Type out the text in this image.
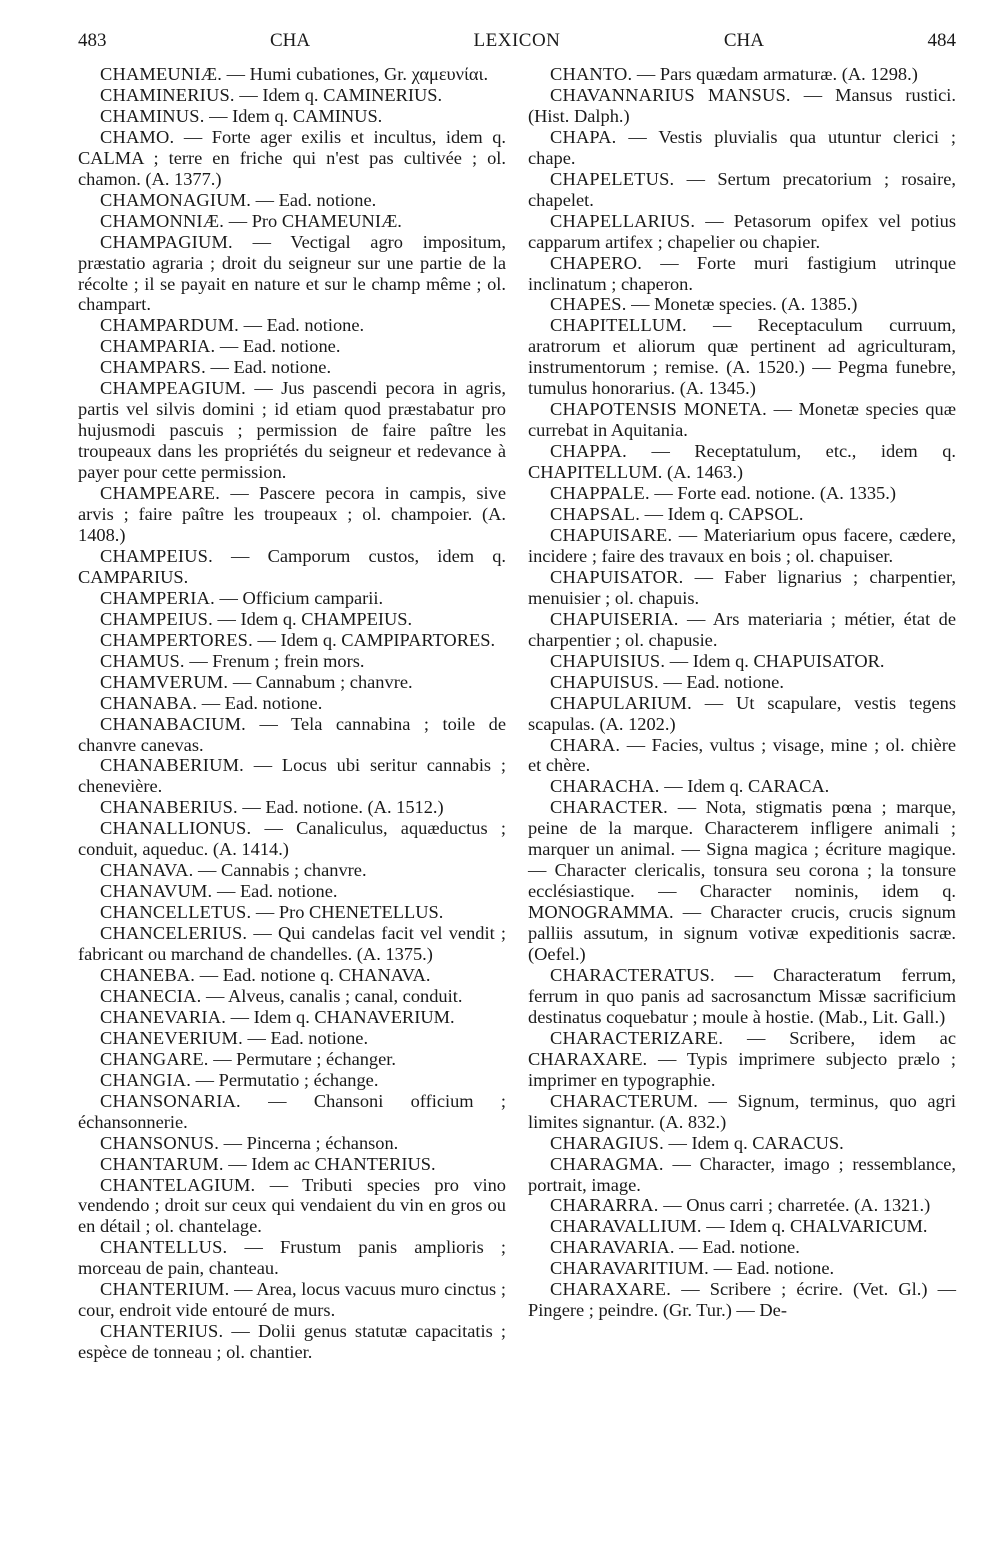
483	CHA	LEXICON	CHA	484

CHAMEUNIÆ. — Humi cubationes, Gr. χαμευνίαι.

CHAMINERIUS. — Idem q. CAMINERIUS.

CHAMINUS. — Idem q. CAMINUS.

CHAMO. — Forte ager exilis et incultus, idem q. CALMA ; terre en friche qui n'est pas cultivée ; ol. chamon. (A. 1377.)

CHAMONAGIUM. — Ead. notione.

CHAMONNIÆ. — Pro CHAMEUNIÆ.

CHAMPAGIUM. — Vectigal agro impositum, præstatio agraria ; droit du seigneur sur une partie de la récolte ; il se payait en nature et sur le champ même ; ol. champart.

CHAMPARDUM. — Ead. notione.

CHAMPARIA. — Ead. notione.

CHAMPARS. — Ead. notione.

CHAMPEAGIUM. — Jus pascendi pecora in agris, partis vel silvis domini ; id etiam quod præstabatur pro hujusmodi pascuis ; permission de faire paître les troupeaux dans les propriétés du seigneur et redevance à payer pour cette permission.

CHAMPEARE. — Pascere pecora in campis, sive arvis ; faire paître les troupeaux ; ol. champoier. (A. 1408.)

CHAMPEIUS. — Camporum custos, idem q. CAMPARIUS.

CHAMPERIA. — Officium camparii.

CHAMPEIUS. — Idem q. CHAMPEIUS.

CHAMPERTORES. — Idem q. CAMPIPARTORES.

CHAMUS. — Frenum ; frein mors.

CHAMVERUM. — Cannabum ; chanvre.

CHANABA. — Ead. notione.

CHANABACIUM. — Tela cannabina ; toile de chanvre canevas.

CHANABERIUM. — Locus ubi seritur cannabis ; chenevière.

CHANABERIUS. — Ead. notione. (A. 1512.)

CHANALLIONUS. — Canaliculus, aquæductus ; conduit, aqueduc. (A. 1414.)

CHANAVA. — Cannabis ; chanvre.

CHANAVUM. — Ead. notione.

CHANCELLETUS. — Pro CHENETELLUS.

CHANCELERIUS. — Qui candelas facit vel vendit ; fabricant ou marchand de chandelles. (A. 1375.)

CHANEBA. — Ead. notione q. CHANAVA.

CHANECIA. — Alveus, canalis ; canal, conduit.

CHANEVARIA. — Idem q. CHANAVERIUM.

CHANEVERIUM. — Ead. notione.

CHANGARE. — Permutare ; échanger.

CHANGIA. — Permutatio ; échange.

CHANSONARIA. — Chansoni officium ; échansonnerie.

CHANSONUS. — Pincerna ; échanson.

CHANTARUM. — Idem ac CHANTERIUS.

CHANTELAGIUM. — Tributi species pro vino vendendo ; droit sur ceux qui vendaient du vin en gros ou en détail ; ol. chantelage.

CHANTELLUS. — Frustum panis amplioris ; morceau de pain, chanteau.

CHANTERIUM. — Area, locus vacuus muro cinctus ; cour, endroit vide entouré de murs.

CHANTERIUS. — Dolii genus statutæ capacitatis ; espèce de tonneau ; ol. chantier.

CHANTO. — Pars quædam armaturæ. (A. 1298.)

CHAVANNARIUS MANSUS. — Mansus rustici. (Hist. Dalph.)

CHAPA. — Vestis pluvialis qua utuntur clerici ; chape.

CHAPELETUS. — Sertum precatorium ; rosaire, chapelet.

CHAPELLARIUS. — Petasorum opifex vel potius capparum artifex ; chapelier ou chapier.

CHAPERO. — Forte muri fastigium utrinque inclinatum ; chaperon.

CHAPES. — Monetæ species. (A. 1385.)

CHAPITELLUM. — Receptaculum curruum, aratrorum et aliorum quæ pertinent ad agriculturam, instrumentorum ; remise. (A. 1520.) — Pegma funebre, tumulus honorarius. (A. 1345.)

CHAPOTENSIS MONETA. — Monetæ species quæ currebat in Aquitania.

CHAPPA. — Receptatulum, etc., idem q. CHAPITELLUM. (A. 1463.)

CHAPPALE. — Forte ead. notione. (A. 1335.)

CHAPSAL. — Idem q. CAPSOL.

CHAPUISARE. — Materiarium opus facere, cædere, incidere ; faire des travaux en bois ; ol. chapuiser.

CHAPUISATOR. — Faber lignarius ; charpentier, menuisier ; ol. chapuis.

CHAPUISERIA. — Ars materiaria ; métier, état de charpentier ; ol. chapusie.

CHAPUISIUS. — Idem q. CHAPUISATOR.

CHAPUISUS. — Ead. notione.

CHAPULARIUM. — Ut scapulare, vestis tegens scapulas. (A. 1202.)

CHARA. — Facies, vultus ; visage, mine ; ol. chière et chère.

CHARACHA. — Idem q. CARACA.

CHARACTER. — Nota, stigmatis pœna ; marque, peine de la marque. Characterem infligere animali ; marquer un animal. — Signa magica ; écriture magique. — Character clericalis, tonsura seu corona ; la tonsure ecclésiastique. — Character nominis, idem q. MONOGRAMMA. — Character crucis, crucis signum palliis assutum, in signum votivæ expeditionis sacræ. (Oefel.)

CHARACTERATUS. — Characteratum ferrum, ferrum in quo panis ad sacrosanctum Missæ sacrificium destinatus coquebatur ; moule à hostie. (Mab., Lit. Gall.)

CHARACTERIZARE. — Scribere, idem ac CHARAXARE. — Typis imprimere subjecto prælo ; imprimer en typographie.

CHARACTERUM. — Signum, terminus, quo agri limites signantur. (A. 832.)

CHARAGIUS. — Idem q. CARACUS.

CHARAGMA. — Character, imago ; ressemblance, portrait, image.

CHARARRA. — Onus carri ; charretée. (A. 1321.)

CHARAVALLIUM. — Idem q. CHALVARICUM.

CHARAVARIA. — Ead. notione.

CHARAVARITIUM. — Ead. notione.

CHARAXARE. — Scribere ; écrire. (Vet. Gl.) — Pingere ; peindre. (Gr. Tur.) — De-
